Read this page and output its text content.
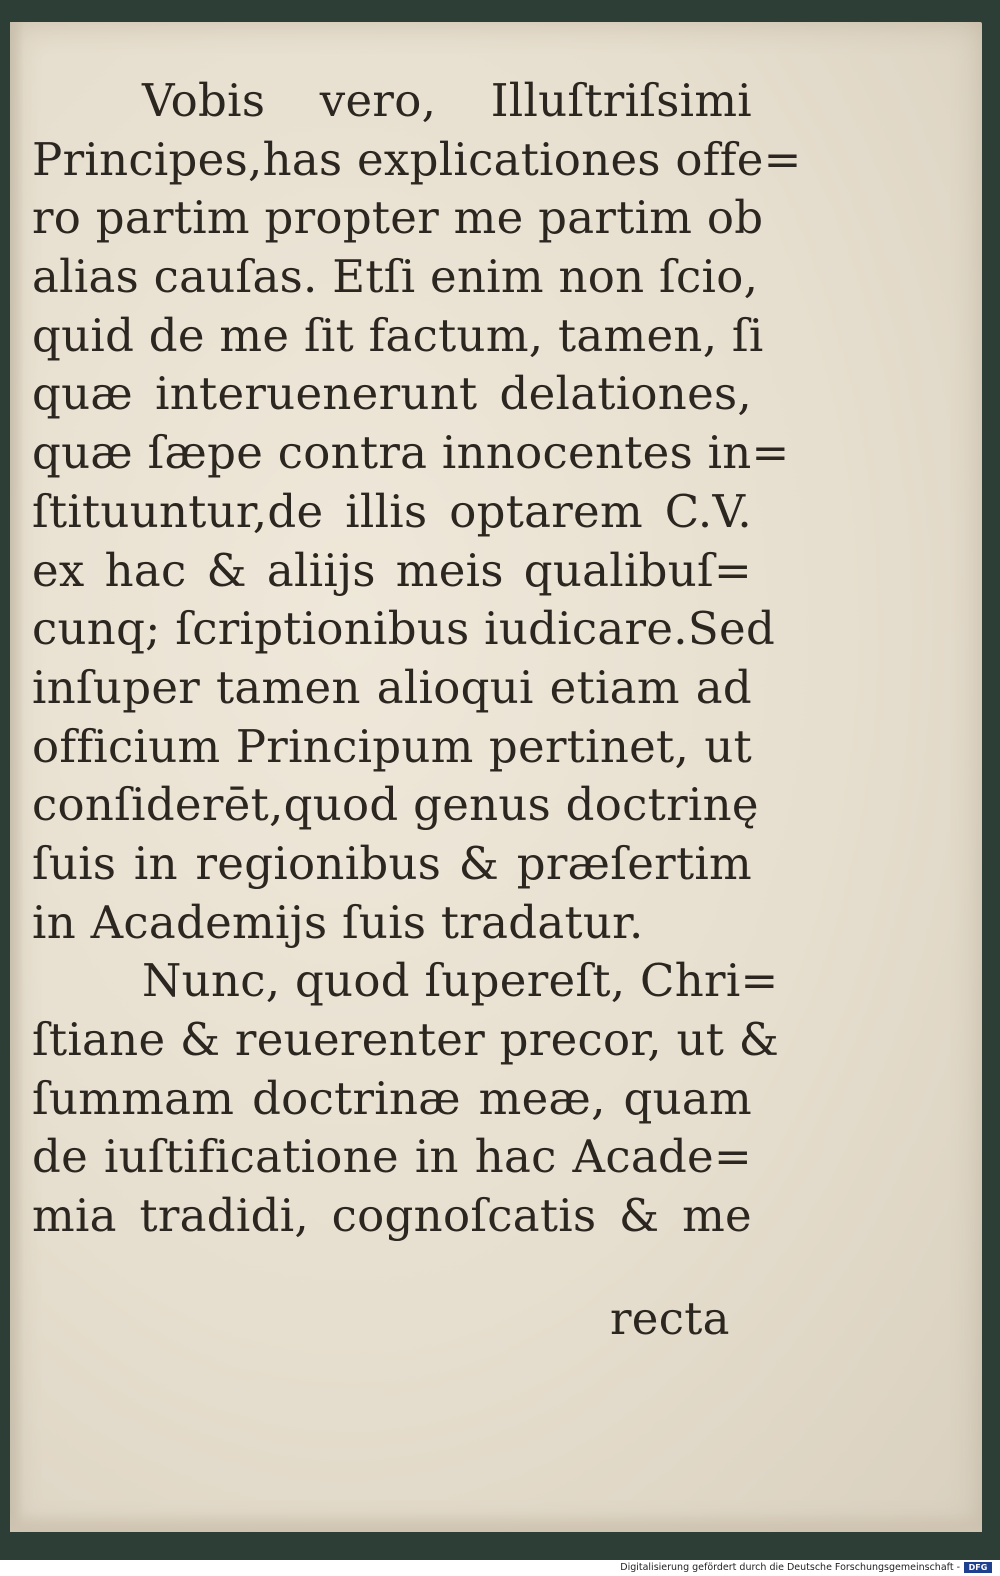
Vobis vero, Illuſtriſsimi
Principes,has explicationes offe=
ro partim propter me partim ob
alias cauſas. Etſi enim non ſcio,
quid de me ſit factum, tamen, ſi
quæ interuenerunt delationes,
quæ ſæpe contra innocentes in=
ſtituuntur,de illis optarem C.V.
ex hac & aliijs meis qualibuſ=
cunq; ſcriptionibus iudicare.Sed
inſuper tamen alioqui etiam ad
officium Principum pertinet, ut
conſiderēt,quod genus doctrinę
ſuis in regionibus & præſertim
in Academijs ſuis tradatur.
Nunc, quod ſupereſt, Chri=
ſtiane & reuerenter precor, ut &
ſummam doctrinæ meæ, quam
de iuſtificatione in hac Acade=
mia tradidi, cognoſcatis & me
recta
Digitalisierung gefördert durch die Deutsche Forschungsgemeinschaft -	DFG
